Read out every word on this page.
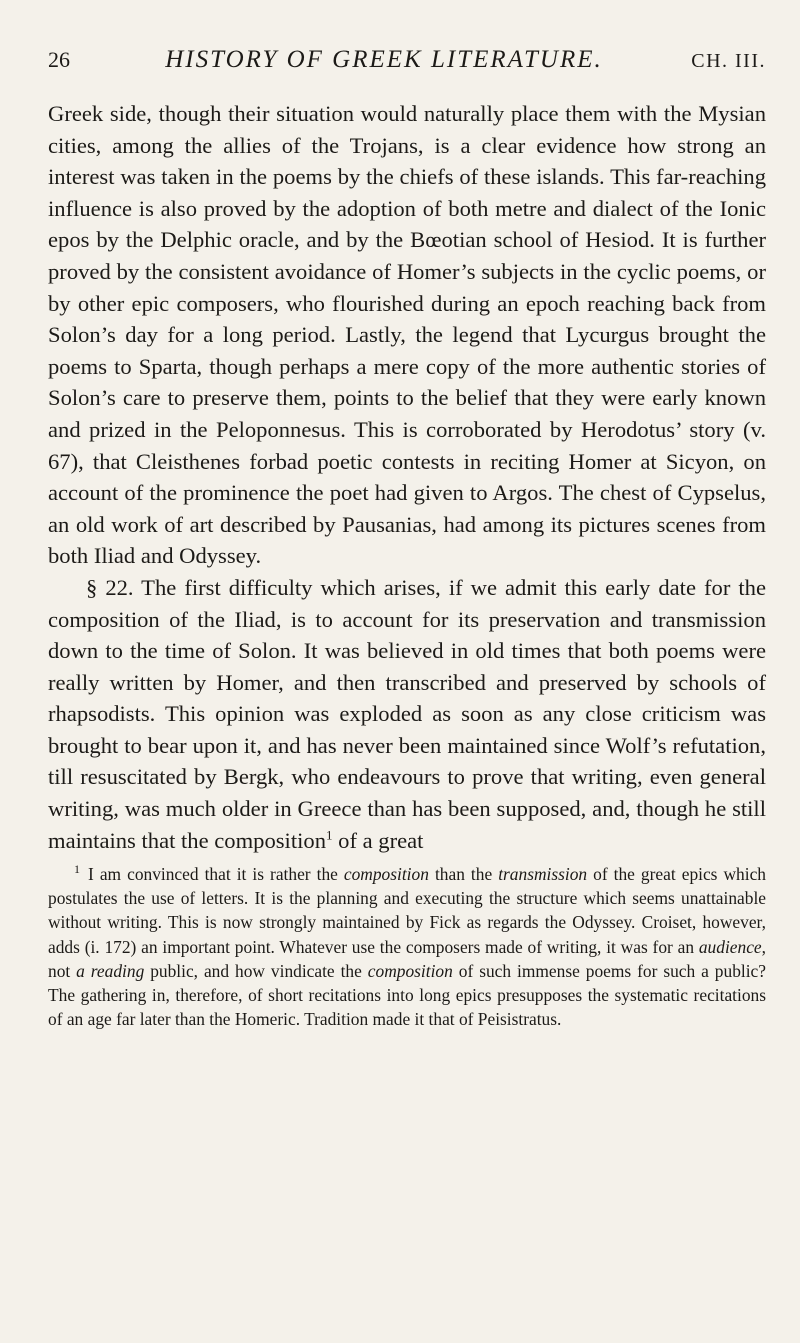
26	HISTORY OF GREEK LITERATURE.	CH. III.

Greek side, though their situation would naturally place them with the Mysian cities, among the allies of the Trojans, is a clear evidence how strong an interest was taken in the poems by the chiefs of these islands. This far-reaching influence is also proved by the adoption of both metre and dialect of the Ionic epos by the Delphic oracle, and by the Bœotian school of Hesiod. It is further proved by the consistent avoidance of Homer’s subjects in the cyclic poems, or by other epic composers, who flourished during an epoch reaching back from Solon’s day for a long period. Lastly, the legend that Lycurgus brought the poems to Sparta, though perhaps a mere copy of the more authentic stories of Solon’s care to preserve them, points to the belief that they were early known and prized in the Peloponnesus. This is corroborated by Herodotus’ story (v. 67), that Cleisthenes forbad poetic contests in reciting Homer at Sicyon, on account of the prominence the poet had given to Argos. The chest of Cypselus, an old work of art described by Pausanias, had among its pictures scenes from both Iliad and Odyssey.

§ 22. The first difficulty which arises, if we admit this early date for the composition of the Iliad, is to account for its preservation and transmission down to the time of Solon. It was believed in old times that both poems were really written by Homer, and then transcribed and preserved by schools of rhapsodists. This opinion was exploded as soon as any close criticism was brought to bear upon it, and has never been maintained since Wolf’s refutation, till resuscitated by Bergk, who endeavours to prove that writing, even general writing, was much older in Greece than has been supposed, and, though he still maintains that the composition$^1$ of a great

$^1$ I am convinced that it is rather the composition than the transmission of the great epics which postulates the use of letters. It is the planning and executing the structure which seems unattainable without writing. This is now strongly maintained by Fick as regards the Odyssey. Croiset, however, adds (i. 172) an important point. Whatever use the composers made of writing, it was for an audience, not a reading public, and how vindicate the composition of such immense poems for such a public? The gathering in, therefore, of short recitations into long epics presupposes the systematic recitations of an age far later than the Homeric. Tradition made it that of Peisistratus.
